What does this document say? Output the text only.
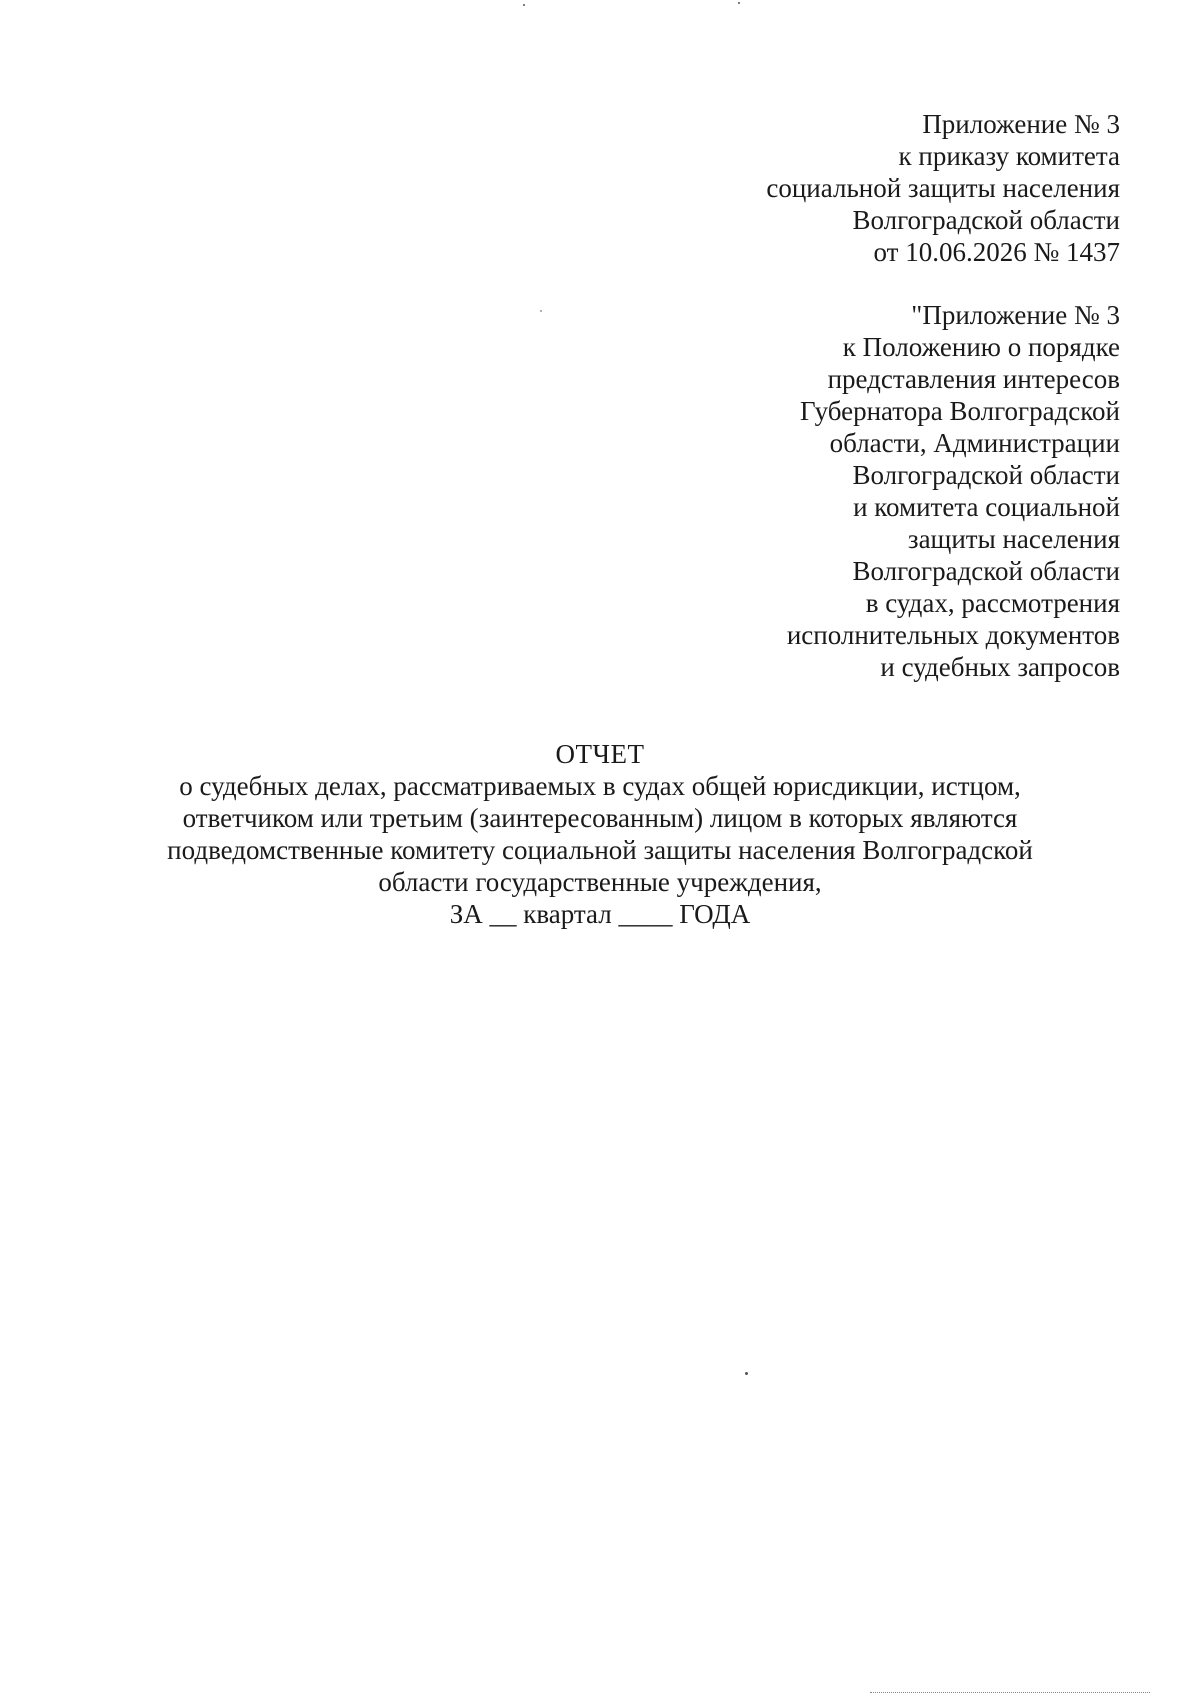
Приложение № 3
к приказу комитета
социальной защиты населения
Волгоградской области
от 10.06.2026 № 1437
"Приложение № 3
к Положению о порядке
представления интересов
Губернатора Волгоградской
области, Администрации
Волгоградской области
и комитета социальной
защиты населения
Волгоградской области
в судах, рассмотрения
исполнительных документов
и судебных запросов
ОТЧЕТ
о судебных делах, рассматриваемых в судах общей юрисдикции, истцом,
ответчиком или третьим (заинтересованным) лицом в которых являются
подведомственные комитету социальной защиты населения Волгоградской
области государственные учреждения,
ЗА __ квартал ____ ГОДА
